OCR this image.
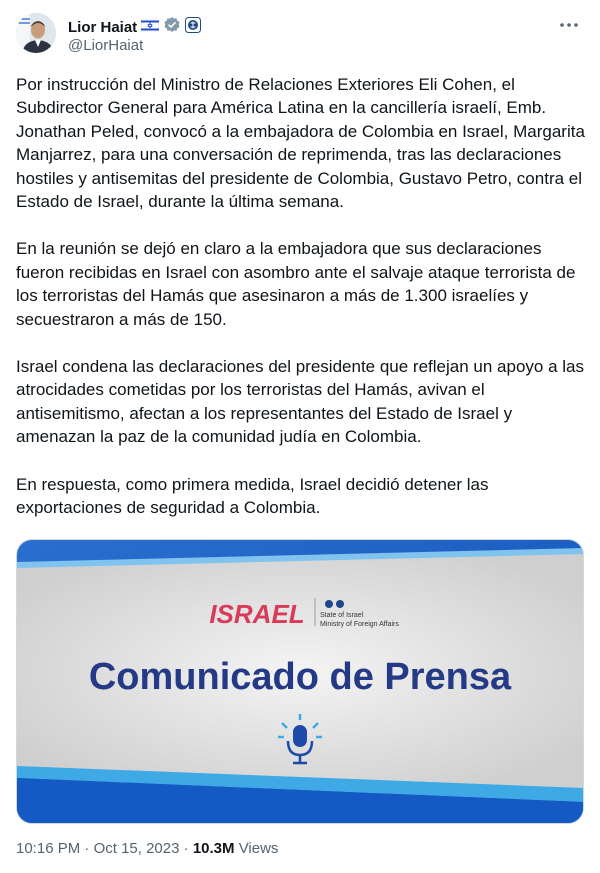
Lior Haiat
@LiorHaiat

Por instrucción del Ministro de Relaciones Exteriores Eli Cohen, el Subdirector General para América Latina en la cancillería israelí, Emb. Jonathan Peled, convocó a la embajadora de Colombia en Israel, Margarita Manjarrez, para una conversación de reprimenda, tras las declaraciones hostiles y antisemitas del presidente de Colombia, Gustavo Petro, contra el Estado de Israel, durante la última semana.

En la reunión se dejó en claro a la embajadora que sus declaraciones fueron recibidas en Israel con asombro ante el salvaje ataque terrorista de los terroristas del Hamás que asesinaron a más de 1.300 israelíes y secuestraron a más de 150.

Israel condena las declaraciones del presidente que reflejan un apoyo a las atrocidades cometidas por los terroristas del Hamás, avivan el antisemitismo, afectan a los representantes del Estado de Israel y amenazan la paz de la comunidad judía en Colombia.

En respuesta, como primera medida, Israel decidió detener las exportaciones de seguridad a Colombia.

ISRAEL State of Israel
Ministry of Foreign Affairs
Comunicado de Prensa
10:16 PM · Oct 15, 2023 · 10.3M Views
